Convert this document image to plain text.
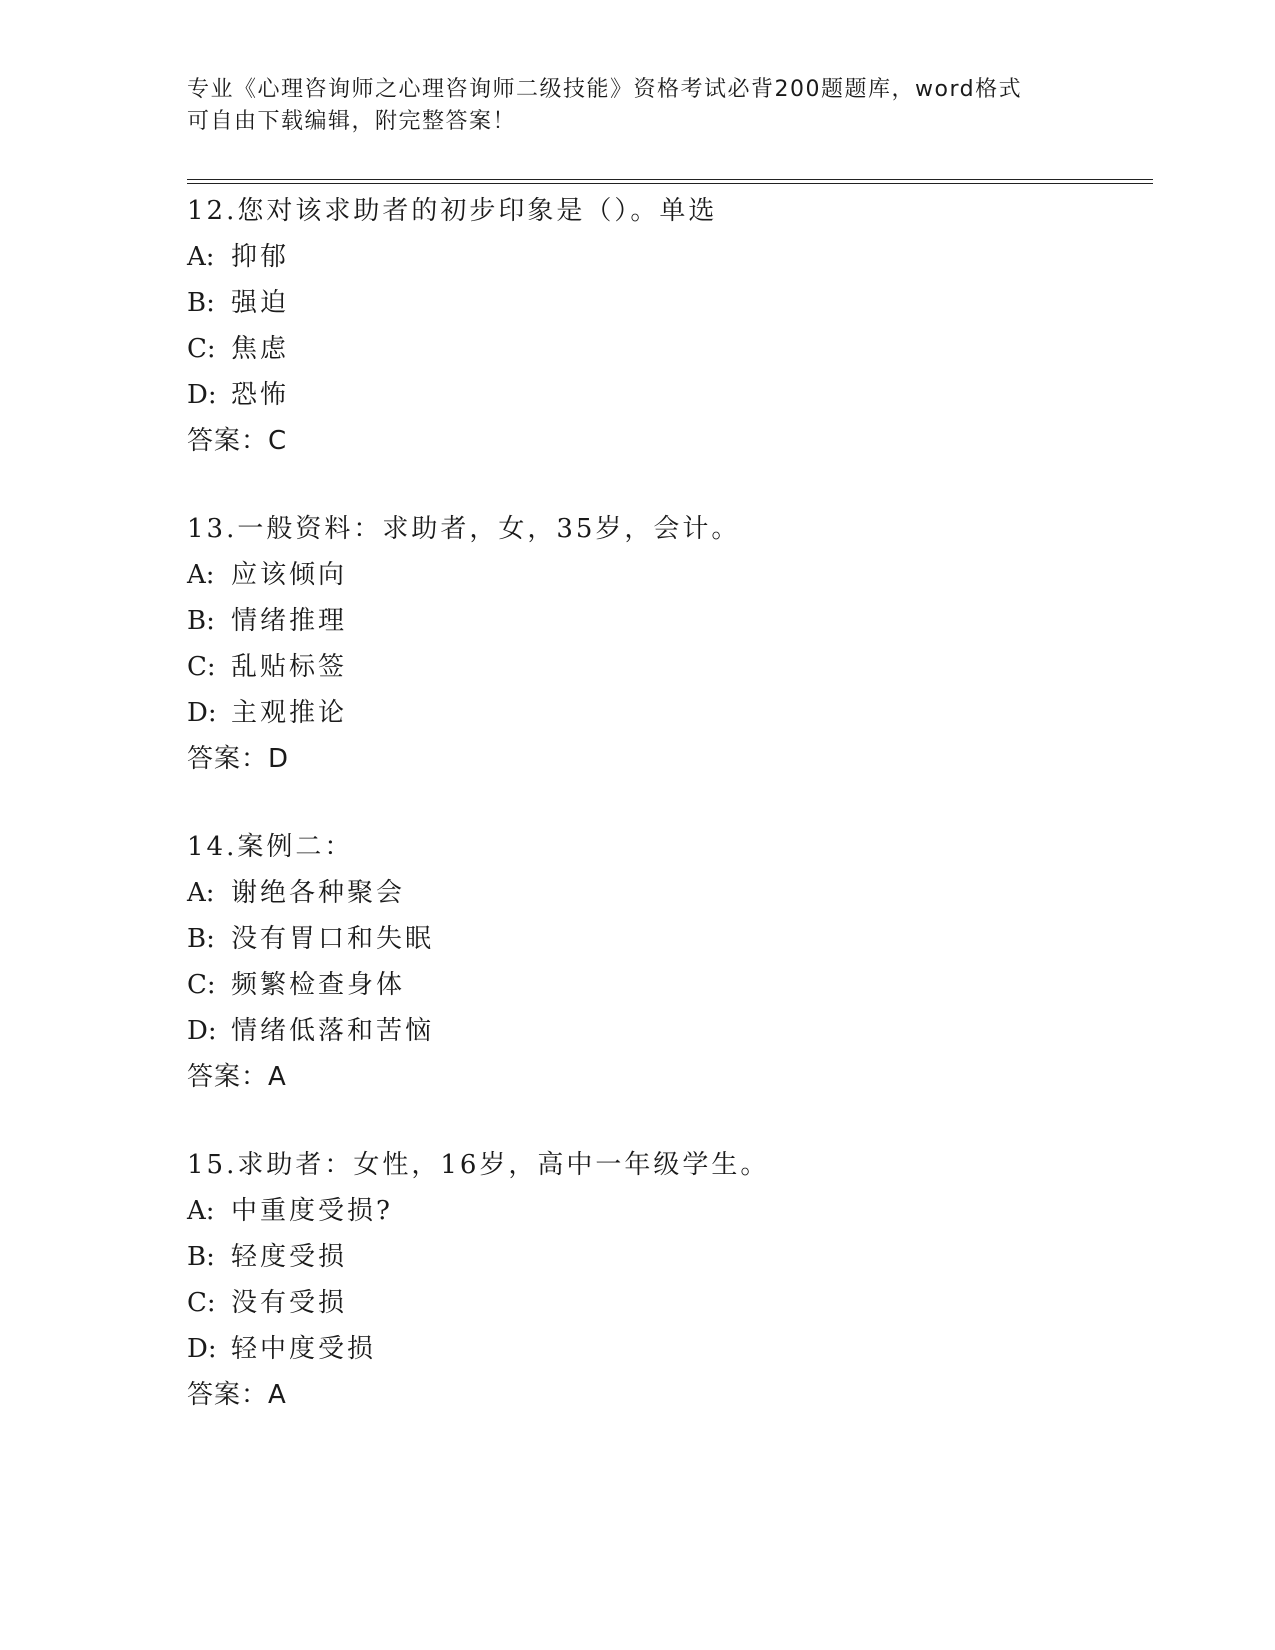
专业《心理咨询师之心理咨询师二级技能》资格考试必背200题题库，word格式
可自由下载编辑，附完整答案！
12.您对该求助者的初步印象是（）。单选
A: 抑郁
B: 强迫
C: 焦虑
D: 恐怖
答案：C
13.一般资料：求助者，女，35岁，会计。
A: 应该倾向
B: 情绪推理
C: 乱贴标签
D: 主观推论
答案：D
14.案例二：
A: 谢绝各种聚会
B: 没有胃口和失眠
C: 频繁检查身体
D: 情绪低落和苦恼
答案：A
15.求助者：女性，16岁，高中一年级学生。
A: 中重度受损?
B: 轻度受损
C: 没有受损
D: 轻中度受损
答案：A
